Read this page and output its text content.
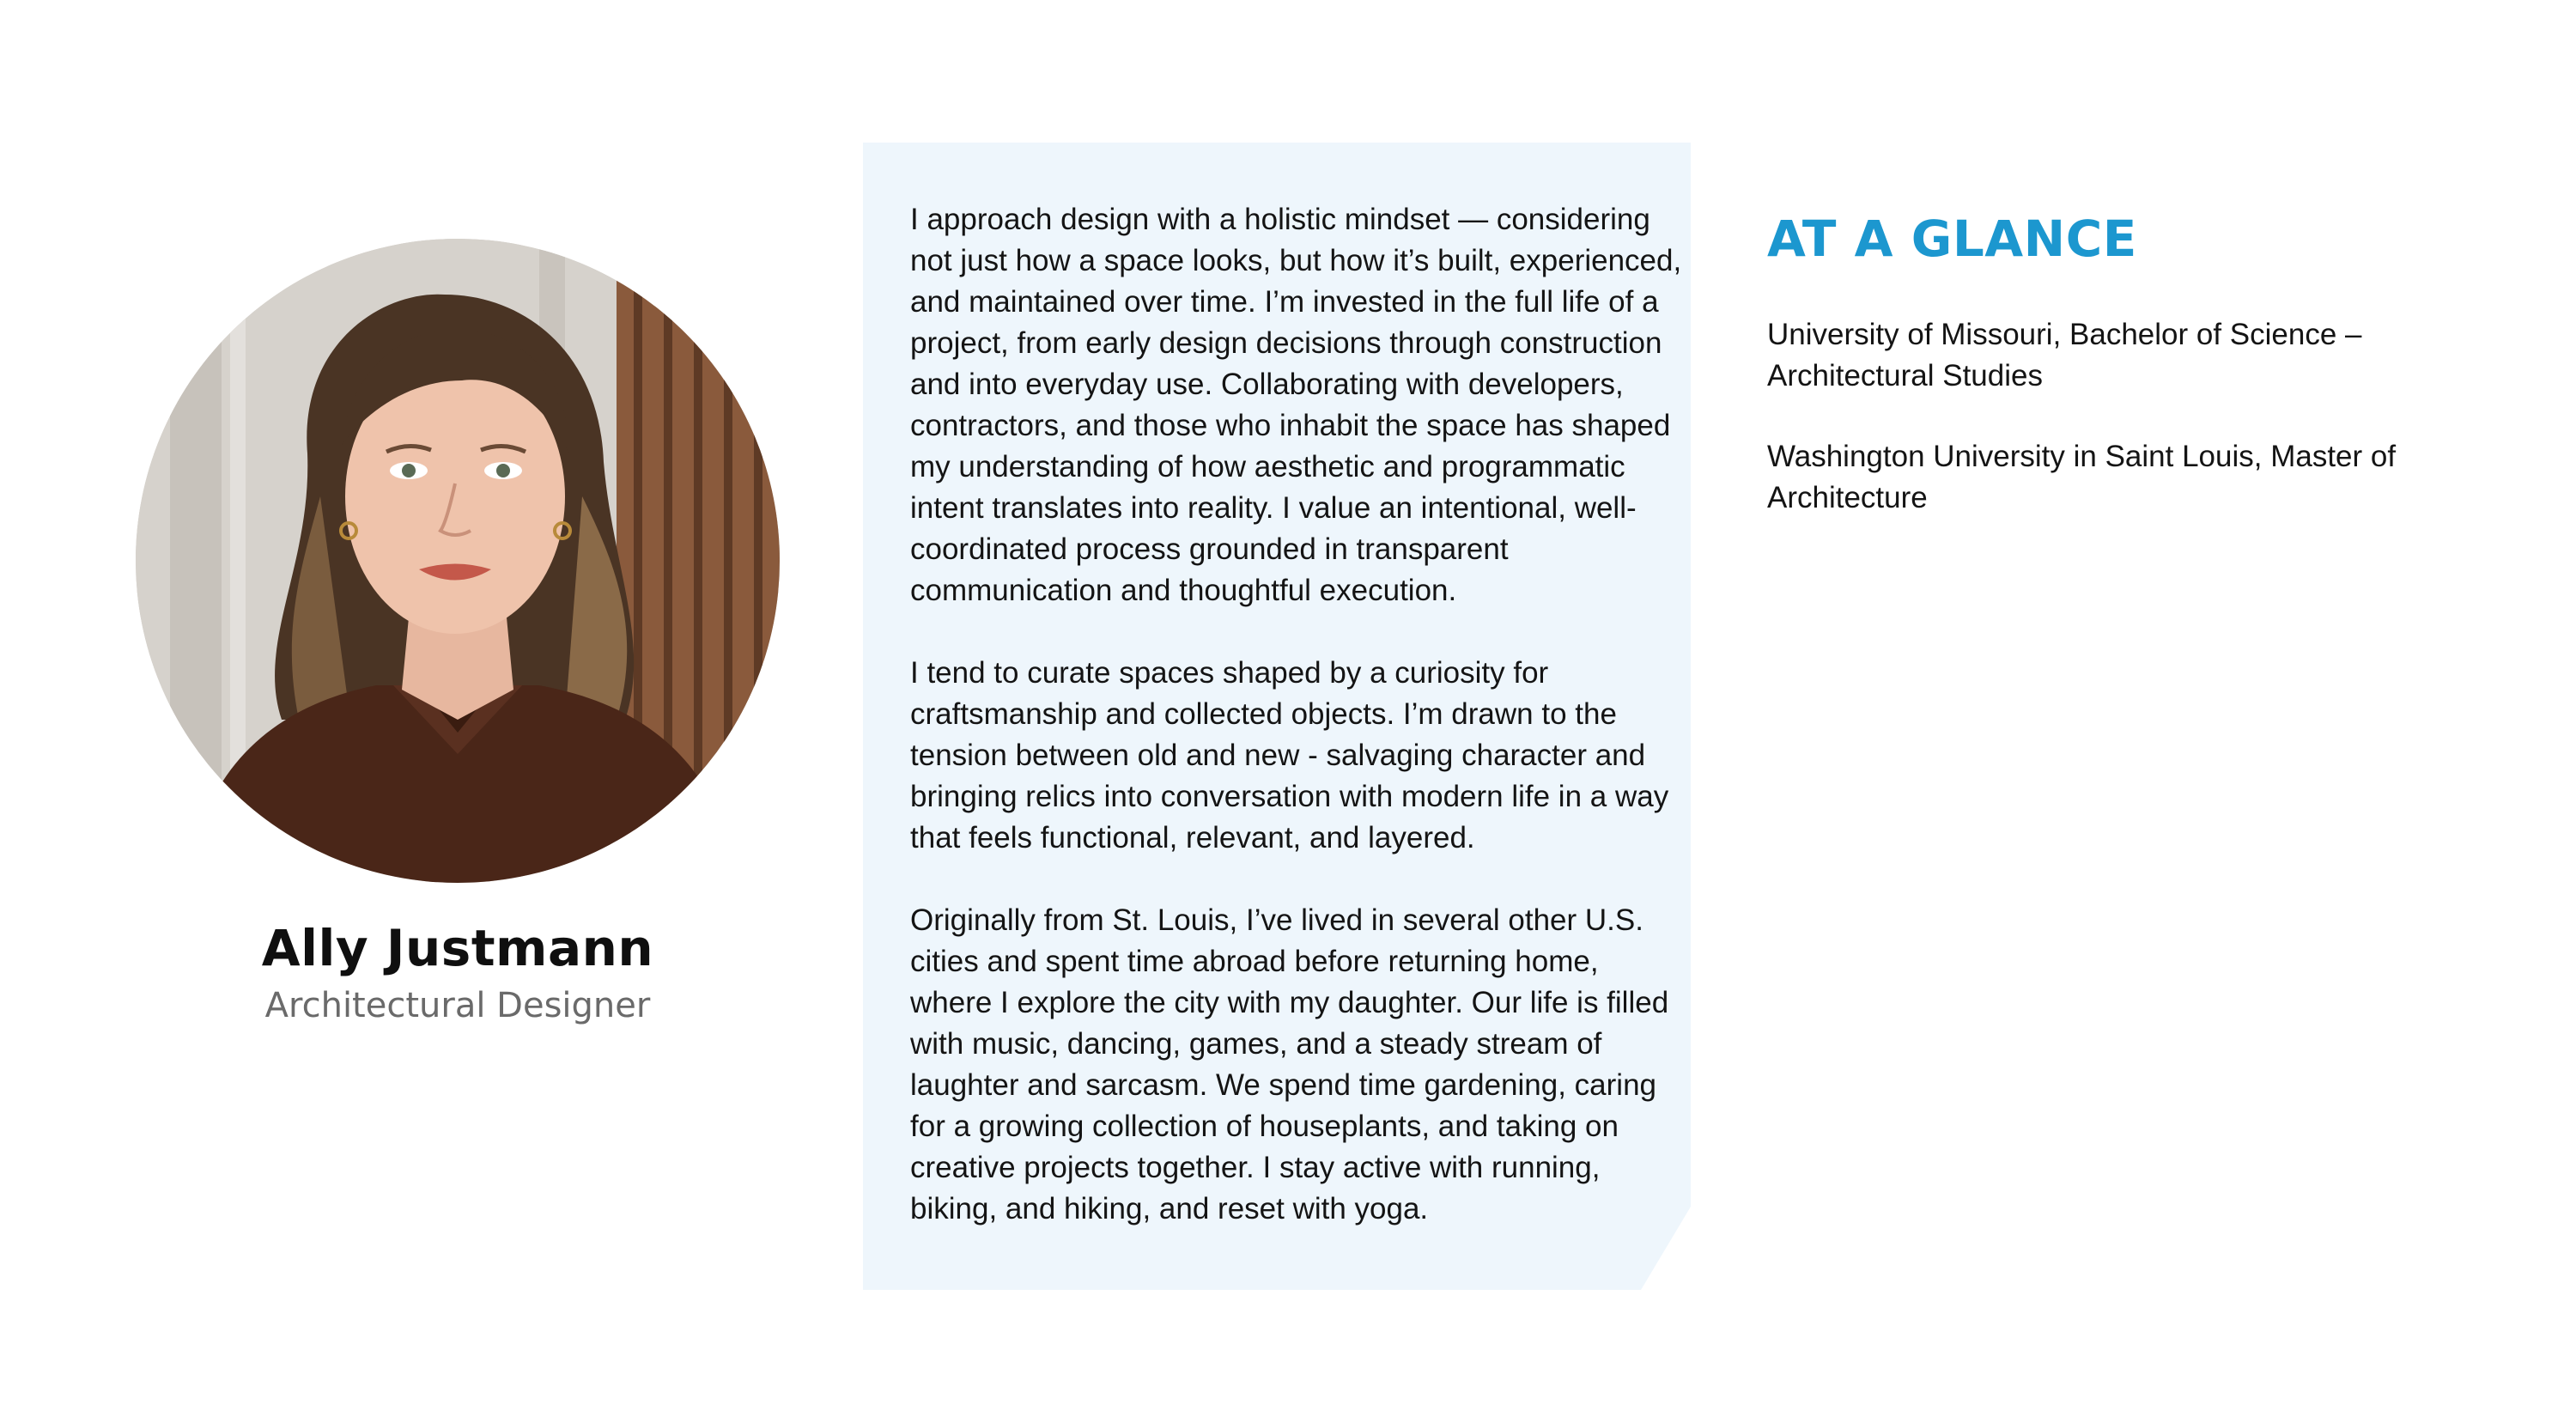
Ally Justmann

Architectural Designer

I approach design with a holistic mindset — considering not just how a space looks, but how it’s built, experienced, and maintained over time. I’m invested in the full life of a project, from early design decisions through construction and into everyday use. Collaborating with developers, contractors, and those who inhabit the space has shaped my understanding of how aesthetic and programmatic intent translates into reality. I value an intentional, well-coordinated process grounded in transparent communication and thoughtful execution.

I tend to curate spaces shaped by a curiosity for craftsmanship and collected objects. I’m drawn to the tension between old and new - salvaging character and bringing relics into conversation with modern life in a way that feels functional, relevant, and layered.

Originally from St. Louis, I’ve lived in several other U.S. cities and spent time abroad before returning home, where I explore the city with my daughter. Our life is filled with music, dancing, games, and a steady stream of laughter and sarcasm. We spend time gardening, caring for a growing collection of houseplants, and taking on creative projects together. I stay active with running, biking, and hiking, and reset with yoga.

AT A GLANCE
University of Missouri, Bachelor of Science – Architectural Studies
Washington University in Saint Louis, Master of Architecture
